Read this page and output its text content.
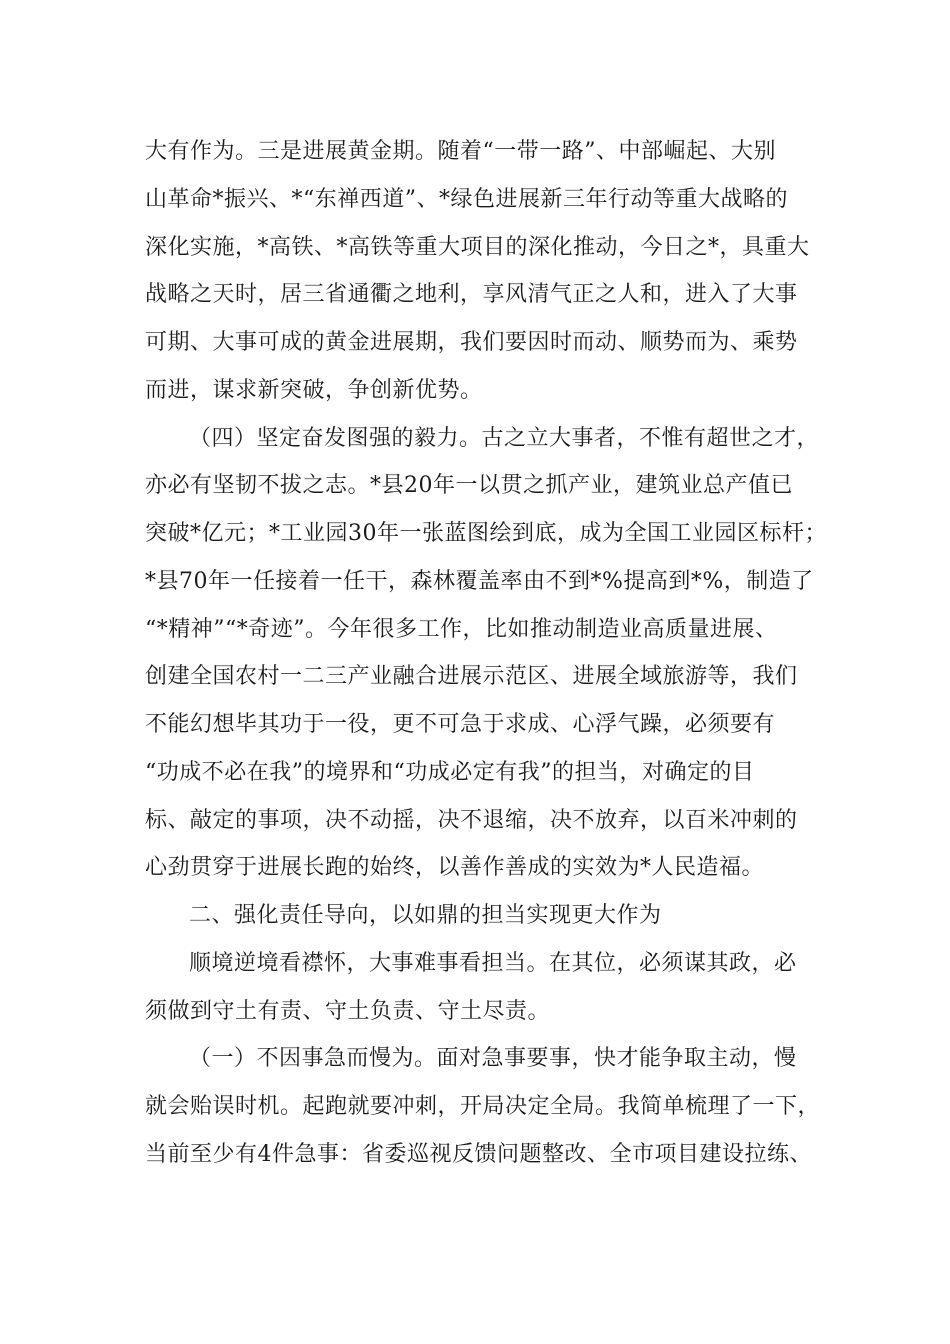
大有作为。三是进展黄金期。随着“一带一路”、中部崛起、大别
山革命*振兴、*“东禅西道”、*绿色进展新三年行动等重大战略的
深化实施，*高铁、*高铁等重大项目的深化推动，今日之*，具重大
战略之天时，居三省通衢之地利，享风清气正之人和，进入了大事
可期、大事可成的黄金进展期，我们要因时而动、顺势而为、乘势
而进，谋求新突破，争创新优势。
（四）坚定奋发图强的毅力。古之立大事者，不惟有超世之才，
亦必有坚韧不拔之志。*县20年一以贯之抓产业，建筑业总产值已
突破*亿元；*工业园30年一张蓝图绘到底，成为全国工业园区标杆；
*县70年一任接着一任干，森林覆盖率由不到*%提高到*%，制造了
“*精神”“*奇迹”。今年很多工作，比如推动制造业高质量进展、
创建全国农村一二三产业融合进展示范区、进展全域旅游等，我们
不能幻想毕其功于一役，更不可急于求成、心浮气躁，必须要有
“功成不必在我”的境界和“功成必定有我”的担当，对确定的目
标、敲定的事项，决不动摇，决不退缩，决不放弃，以百米冲刺的
心劲贯穿于进展长跑的始终，以善作善成的实效为*人民造福。
二、强化责任导向，以如鼎的担当实现更大作为
顺境逆境看襟怀，大事难事看担当。在其位，必须谋其政，必
须做到守土有责、守土负责、守土尽责。
（一）不因事急而慢为。面对急事要事，快才能争取主动，慢
就会贻误时机。起跑就要冲刺，开局决定全局。我简单梳理了一下，
当前至少有4件急事：省委巡视反馈问题整改、全市项目建设拉练、
